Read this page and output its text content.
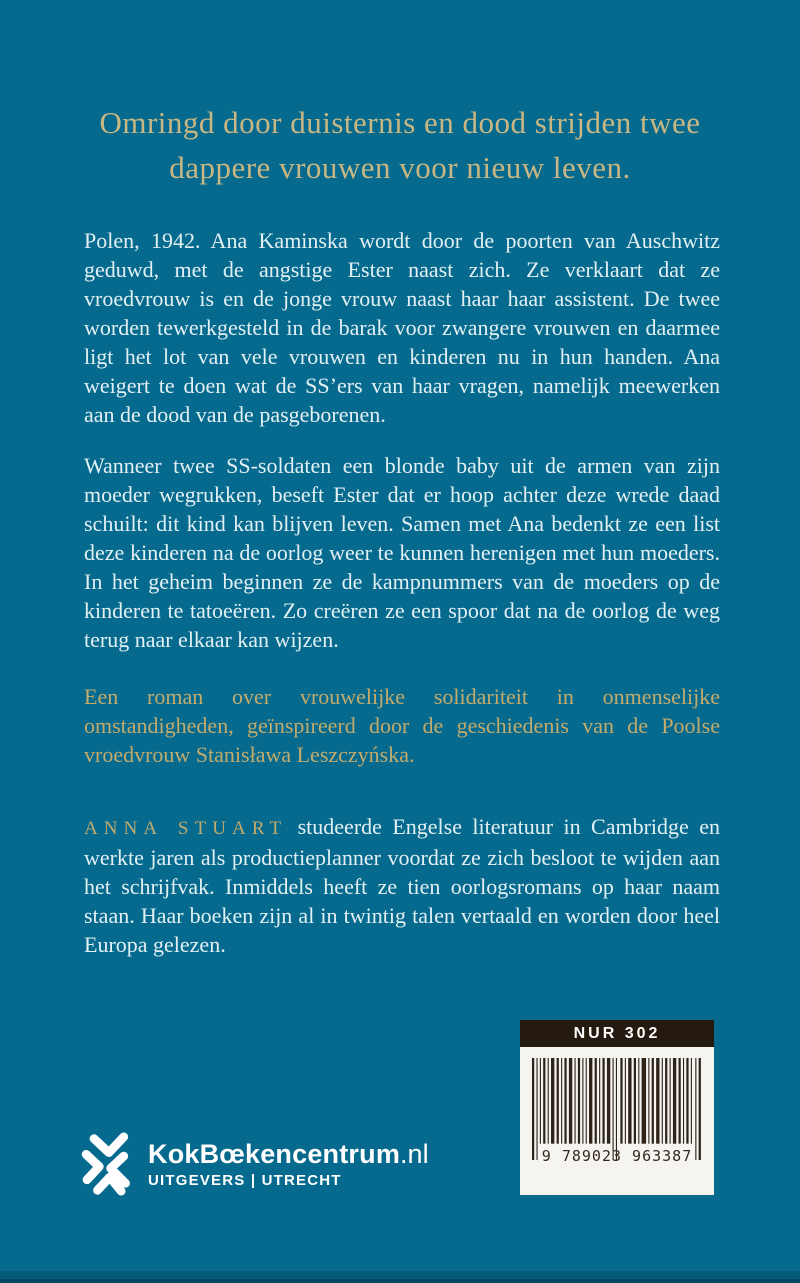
Omringd door duisternis en dood strijden twee dappere vrouwen voor nieuw leven.

Polen, 1942. Ana Kaminska wordt door de poorten van Auschwitz geduwd, met de angstige Ester naast zich. Ze verklaart dat ze vroedvrouw is en de jonge vrouw naast haar haar assistent. De twee worden tewerkgesteld in de barak voor zwangere vrouwen en daarmee ligt het lot van vele vrouwen en kinderen nu in hun handen. Ana weigert te doen wat de SS’ers van haar vragen, namelijk meewerken aan de dood van de pasgeborenen.

Wanneer twee SS-soldaten een blonde baby uit de armen van zijn moeder wegrukken, beseft Ester dat er hoop achter deze wrede daad schuilt: dit kind kan blijven leven. Samen met Ana bedenkt ze een list deze kinderen na de oorlog weer te kunnen herenigen met hun moeders. In het geheim beginnen ze de kampnummers van de moeders op de kinderen te tatoeëren. Zo creëren ze een spoor dat na de oorlog de weg terug naar elkaar kan wijzen.

Een roman over vrouwelijke solidariteit in onmenselijke omstandigheden, geïnspireerd door de geschiedenis van de Poolse vroedvrouw Stanisława Leszczyńska.

ANNA STUART studeerde Engelse literatuur in Cambridge en werkte jaren als productieplanner voordat ze zich besloot te wijden aan het schrijfvak. Inmiddels heeft ze tien oorlogsromans op haar naam staan. Haar boeken zijn al in twintig talen vertaald en worden door heel Europa gelezen.

NUR 302
9 789023 963387
KokBœkencentrum .nl
UITGEVERS | UTRECHT
